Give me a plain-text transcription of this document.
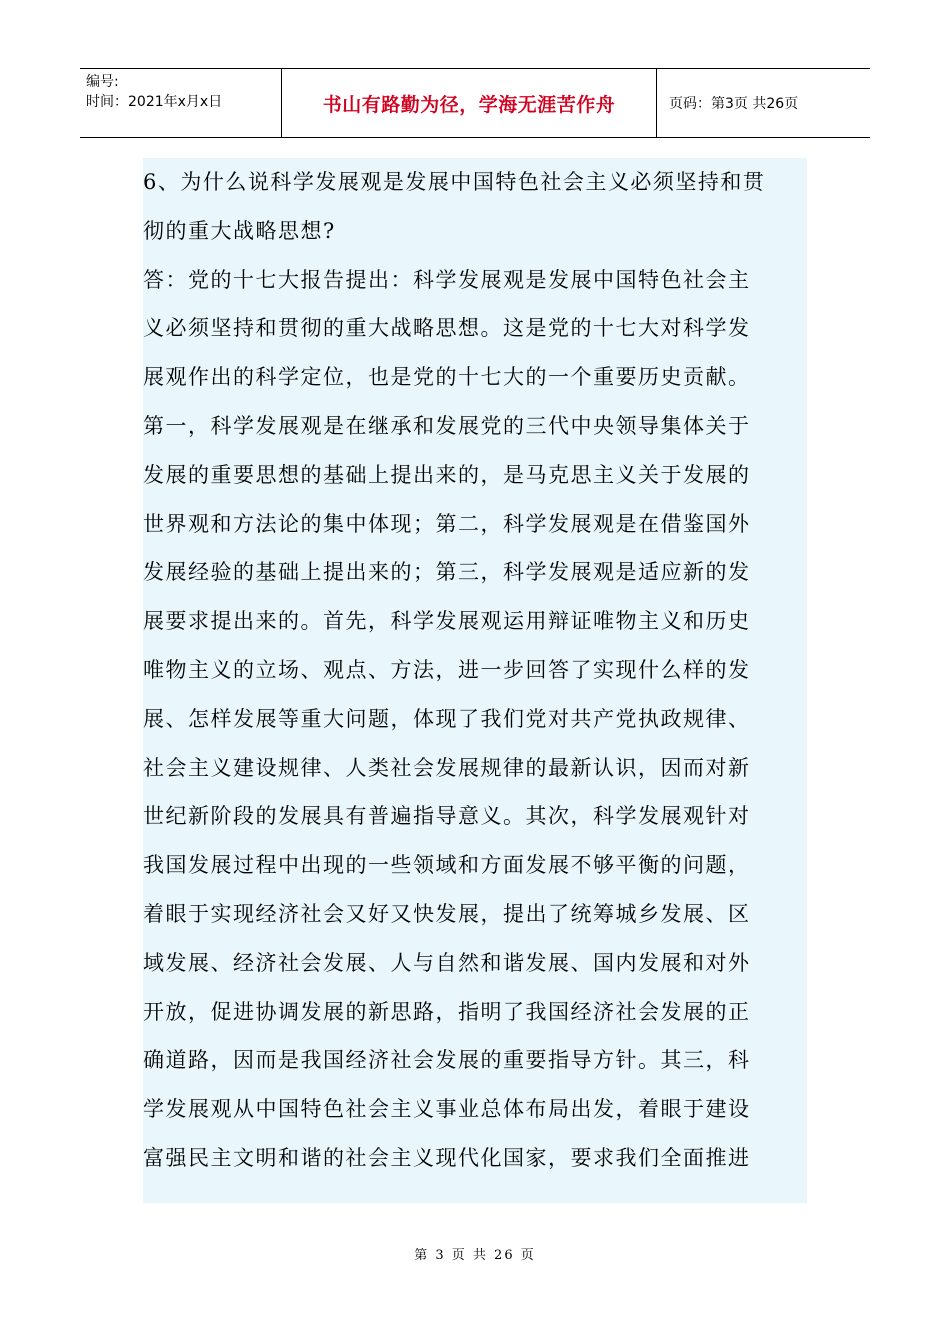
编号:
时间：2021年x月x日	书山有路勤为径，学海无涯苦作舟	页码：第3页 共26页

6、为什么说科学发展观是发展中国特色社会主义必须坚持和贯

彻的重大战略思想?

答：党的十七大报告提出：科学发展观是发展中国特色社会主

义必须坚持和贯彻的重大战略思想。这是党的十七大对科学发

展观作出的科学定位，也是党的十七大的一个重要历史贡献。

第一，科学发展观是在继承和发展党的三代中央领导集体关于

发展的重要思想的基础上提出来的，是马克思主义关于发展的

世界观和方法论的集中体现；第二，科学发展观是在借鉴国外

发展经验的基础上提出来的；第三，科学发展观是适应新的发

展要求提出来的。首先，科学发展观运用辩证唯物主义和历史

唯物主义的立场、观点、方法，进一步回答了实现什么样的发

展、怎样发展等重大问题，体现了我们党对共产党执政规律、

社会主义建设规律、人类社会发展规律的最新认识，因而对新

世纪新阶段的发展具有普遍指导意义。其次，科学发展观针对

我国发展过程中出现的一些领域和方面发展不够平衡的问题，

着眼于实现经济社会又好又快发展，提出了统筹城乡发展、区

域发展、经济社会发展、人与自然和谐发展、国内发展和对外

开放，促进协调发展的新思路，指明了我国经济社会发展的正

确道路，因而是我国经济社会发展的重要指导方针。其三，科

学发展观从中国特色社会主义事业总体布局出发，着眼于建设

富强民主文明和谐的社会主义现代化国家，要求我们全面推进

第 3 页 共 26 页
